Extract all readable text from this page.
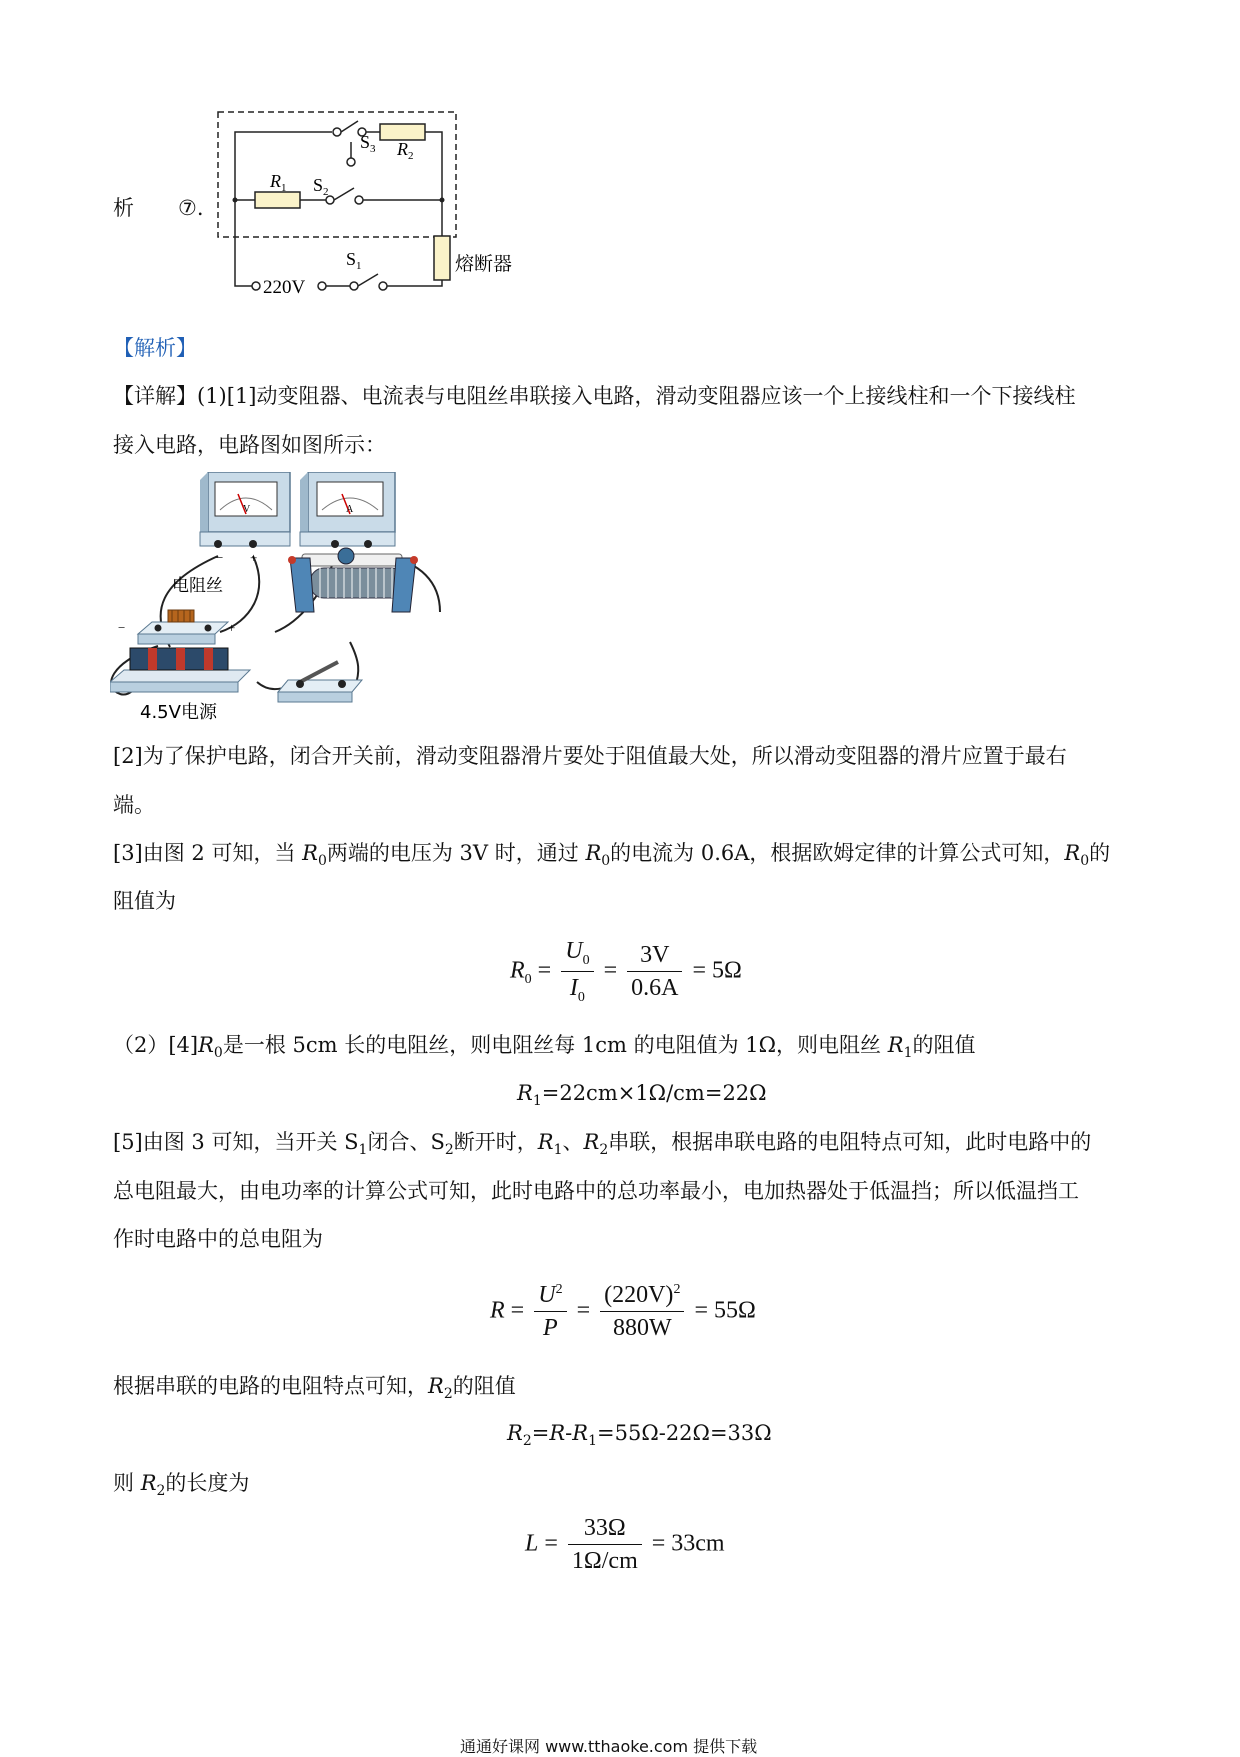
析 ⑦.
$S_3$ $R_2$
$R_1$ $S_2$
熔断器
$S_1$
220V
【解析】
【详解】(1)[1]动变阻器、电流表与电阻丝串联接入电路，滑动变阻器应该一个上接线柱和一个下接线柱
接入电路，电路图如图所示：
V
− +
A
电阻丝
−	+
4.5V电源
[2]为了保护电路，闭合开关前，滑动变阻器滑片要处于阻值最大处，所以滑动变阻器的滑片应置于最右
端。
[3]由图 2 可知，当 $R_0$两端的电压为 3V 时，通过 $R_0$的电流为 0.6A，根据欧姆定律的计算公式可知，$R_0$的
阻值为
$R_0 = \frac{U_0}{I_0} = \frac{3V}{0.6A} = 5\Omega$
$(2)[4]R_0$是一根 5cm 长的电阻丝，则电阻丝每 1cm 的电阻值为 1Ω，则电阻丝 $R_1$的阻值
$R_1=22cm\times 1\Omega/cm=22\Omega$
[5]由图 3 可知，当开关 $S_1$闭合、$S_2$断开时，$R_1$、$R_2$串联，根据串联电路的电阻特点可知，此时电路中的
总电阻最大，由电功率的计算公式可知，此时电路中的总功率最小，电加热器处于低温挡；所以低温挡工
作时电路中的总电阻为
$R = \frac{U^2}{P} = \frac{(220V)^2}{880W} = 55\Omega$
根据串联的电路的电阻特点可知，$R_2$的阻值
$R_2=R-R_1=55\Omega-22\Omega=33\Omega$
则 $R_2$的长度为
$L = \frac{33\Omega}{1\Omega/cm} = 33cm$
通通好课网 www.tthaoke.com 提供下载
